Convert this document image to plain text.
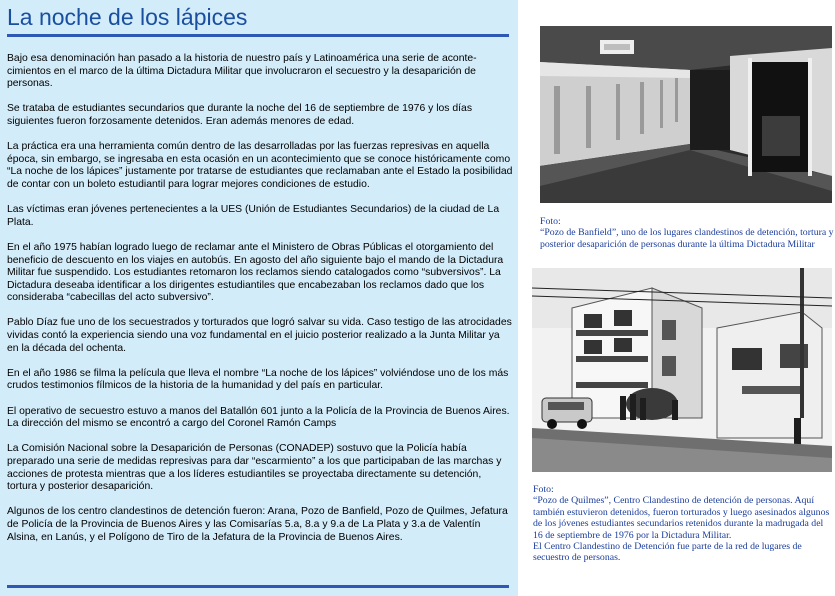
La noche de los lápices

Bajo esa denominación han pasado a la historia de nuestro país y Latinoamérica una serie de acontecimientos en el marco de la última Dictadura Militar que involucraron el secuestro y la desaparición de personas.

Se trataba de estudiantes secundarios que durante la noche del 16 de septiembre de 1976 y los días siguientes fueron forzosamente detenidos. Eran además menores de edad.

La práctica era una herramienta común dentro de las desarrolladas por las fuerzas represivas en aquella época, sin embargo, se ingresaba en esta ocasión en un acontecimiento que se conoce históricamente como “La noche de los lápices” justamente por tratarse de estudiantes que reclamaban ante el Estado la posibilidad de contar con un boleto estudiantil para lograr mejores condiciones de estudio.

Las víctimas eran jóvenes pertenecientes a la UES (Unión de Estudiantes Secundarios) de la ciudad de La Plata.

En el año 1975 habían logrado luego de reclamar ante el Ministero de Obras Públicas el otorgamiento del beneficio de descuento en los viajes en autobús. En agosto del año siguiente bajo el mando de la Dictadura Militar fue suspendido. Los estudiantes retomaron los reclamos siendo catalogados como “subversivos”. La Dictadura deseaba identificar a los dirigentes estudiantiles que encabezaban los reclamos dado que los consideraba “cabecillas del acto subversivo”.

Pablo Díaz fue uno de los secuestrados y torturados que logró salvar su vida. Caso testigo de las atrocidades vividas contó la experiencia siendo una voz fundamental en el juicio posterior realizado a la Junta Militar ya en la década del ochenta.

En el año 1986 se filma la película que lleva el nombre “La noche de los lápices” volviéndose uno de los más crudos testimonios fílmicos de la historia de la humanidad y del país en particular.

El operativo de secuestro estuvo a manos del Batallón 601 junto a la Policía de la Provincia de Buenos Aires. La dirección del mismo se encontró a cargo del Coronel Ramón Camps

La Comisión Nacional sobre la Desaparición de Personas (CONADEP) sostuvo que la Policía había preparado una serie de medidas represivas para dar “escarmiento” a los que participaban de las marchas y acciones de protesta mientras que a los líderes estudiantiles se proyectaba directamente su detención, tortura y posterior desaparición.

Algunos de los centro clandestinos de detención fueron: Arana, Pozo de Banfield, Pozo de Quilmes, Jefatura de Policía de la Provincia de Buenos Aires y las Comisarías 5.a, 8.a y 9.a de La Plata y 3.a de Valentín Alsina, en Lanús, y el Polígono de Tiro de la Jefatura de la Provincia de Buenos Aires.

Foto:
“Pozo de Banfield”, uno de los lugares clandestinos de detención, tortura y posterior desaparición de personas durante la última Dictadura Militar
Foto:
“Pozo de Quilmes”, Centro Clandestino de detención de personas. Aquí también estuvieron detenidos, fueron torturados y luego asesinados algunos de los jóvenes estudiantes secundarios retenidos durante la madrugada del 16 de septiembre de 1976 por la Dictadura Militar.
El Centro Clandestino de Detención fue parte de la red de lugares de secuestro de personas.
